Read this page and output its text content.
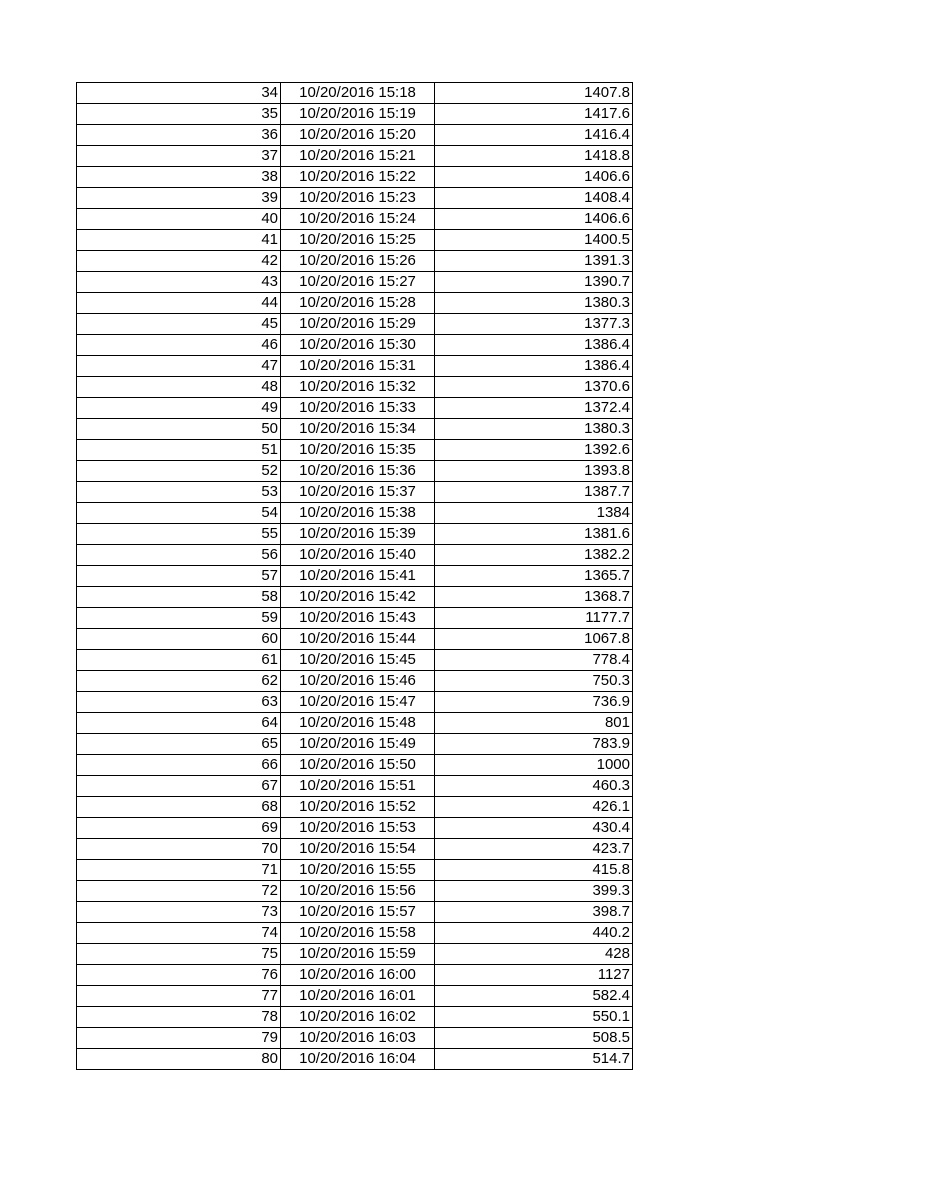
34	10/20/2016 15:18	1407.8
35	10/20/2016 15:19	1417.6
36	10/20/2016 15:20	1416.4
37	10/20/2016 15:21	1418.8
38	10/20/2016 15:22	1406.6
39	10/20/2016 15:23	1408.4
40	10/20/2016 15:24	1406.6
41	10/20/2016 15:25	1400.5
42	10/20/2016 15:26	1391.3
43	10/20/2016 15:27	1390.7
44	10/20/2016 15:28	1380.3
45	10/20/2016 15:29	1377.3
46	10/20/2016 15:30	1386.4
47	10/20/2016 15:31	1386.4
48	10/20/2016 15:32	1370.6
49	10/20/2016 15:33	1372.4
50	10/20/2016 15:34	1380.3
51	10/20/2016 15:35	1392.6
52	10/20/2016 15:36	1393.8
53	10/20/2016 15:37	1387.7
54	10/20/2016 15:38	1384
55	10/20/2016 15:39	1381.6
56	10/20/2016 15:40	1382.2
57	10/20/2016 15:41	1365.7
58	10/20/2016 15:42	1368.7
59	10/20/2016 15:43	1177.7
60	10/20/2016 15:44	1067.8
61	10/20/2016 15:45	778.4
62	10/20/2016 15:46	750.3
63	10/20/2016 15:47	736.9
64	10/20/2016 15:48	801
65	10/20/2016 15:49	783.9
66	10/20/2016 15:50	1000
67	10/20/2016 15:51	460.3
68	10/20/2016 15:52	426.1
69	10/20/2016 15:53	430.4
70	10/20/2016 15:54	423.7
71	10/20/2016 15:55	415.8
72	10/20/2016 15:56	399.3
73	10/20/2016 15:57	398.7
74	10/20/2016 15:58	440.2
75	10/20/2016 15:59	428
76	10/20/2016 16:00	1127
77	10/20/2016 16:01	582.4
78	10/20/2016 16:02	550.1
79	10/20/2016 16:03	508.5
80	10/20/2016 16:04	514.7
